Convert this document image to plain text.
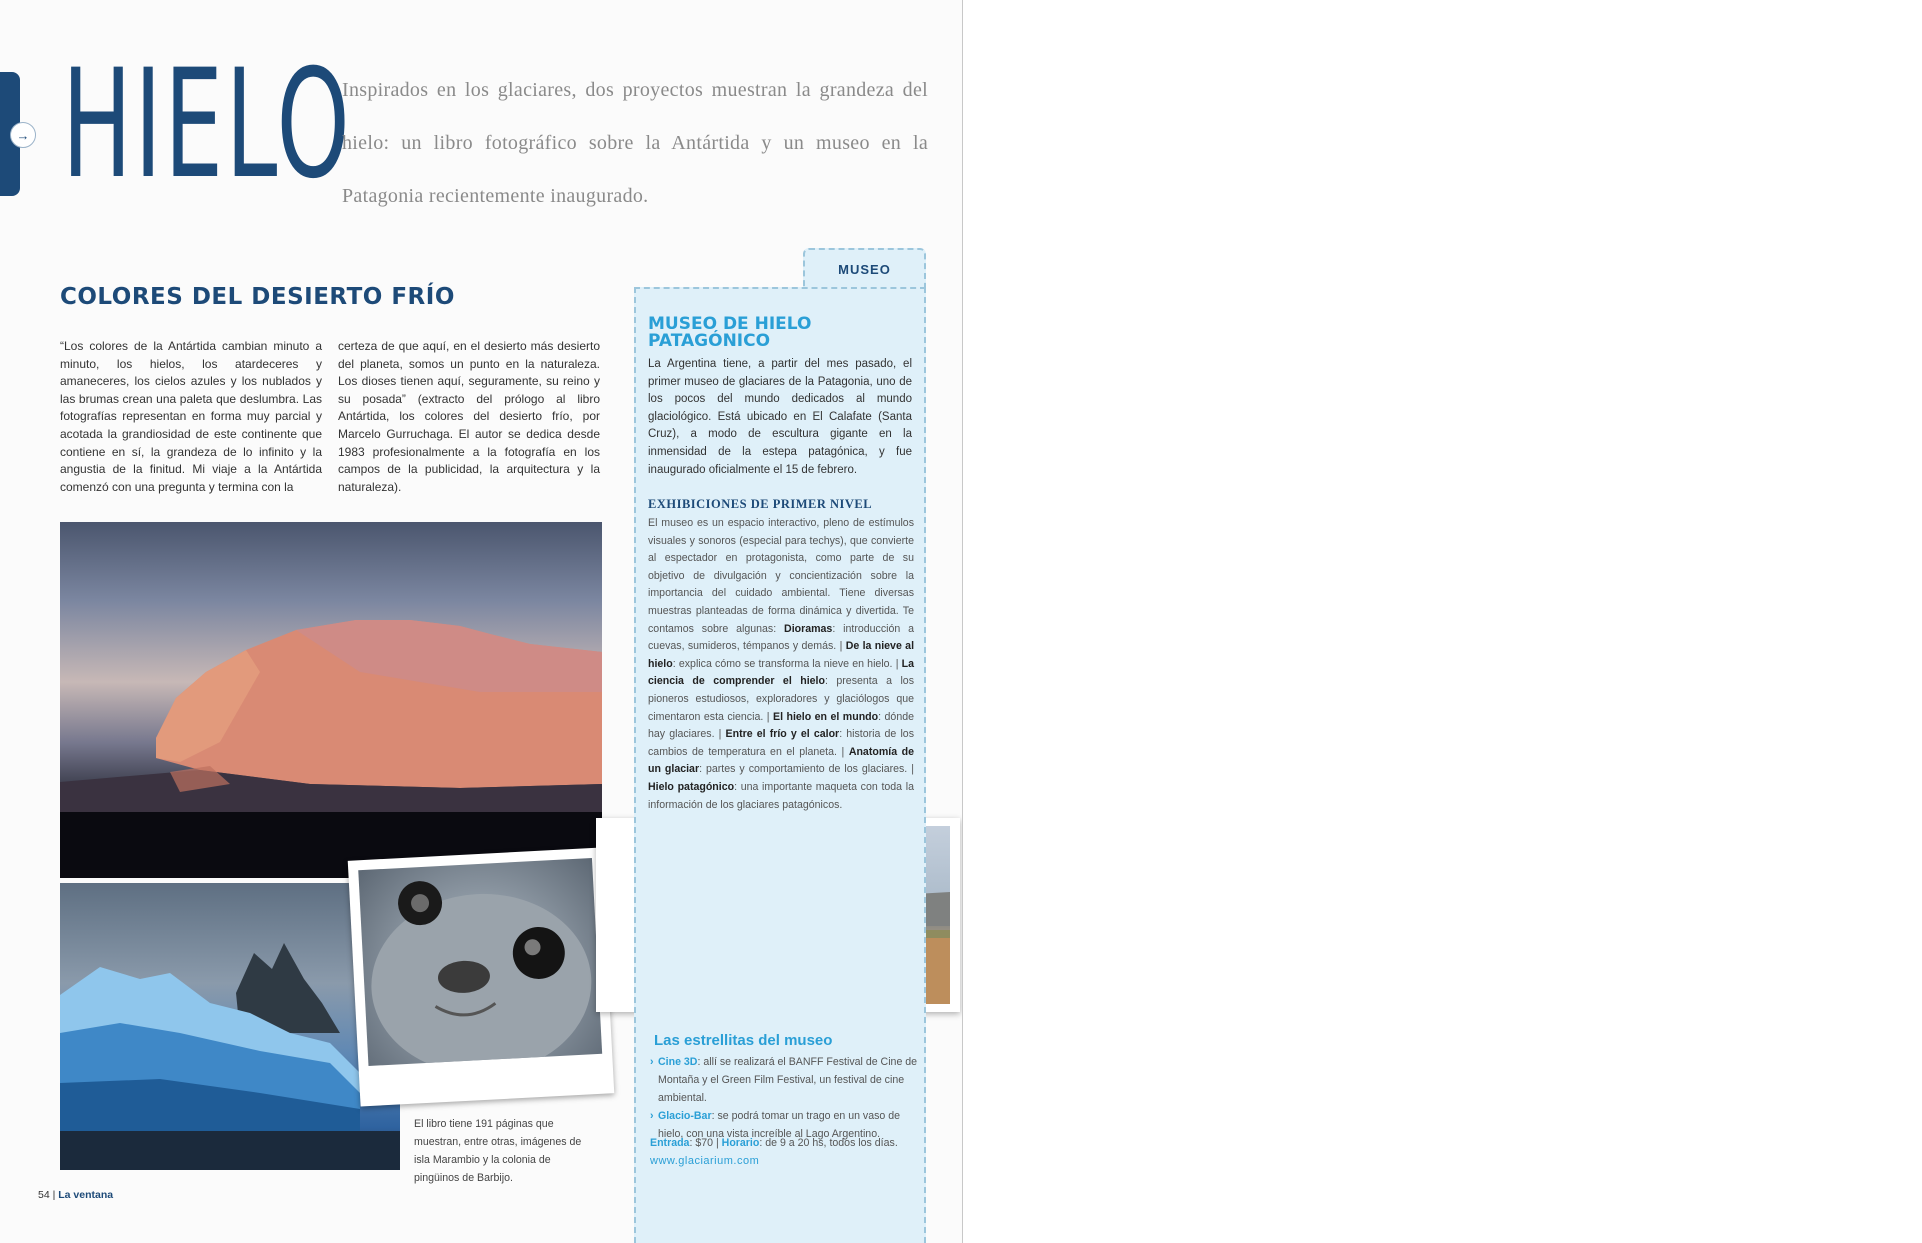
→ HIELO

Inspirados en los glaciares, dos proyectos muestran la grandeza del hielo: un libro fotográfico sobre la Antártida y un museo en la Patagonia recientemente inaugurado.

COLORES DEL DESIERTO FRÍO

“Los colores de la Antártida cambian minuto a minuto, los hielos, los atardeceres y amaneceres, los cielos azules y los nublados y las brumas crean una paleta que deslumbra. Las fotografías representan en forma muy parcial y acotada la grandiosidad de este continente que contiene en sí, la grandeza de lo infinito y la angustia de la finitud. Mi viaje a la Antártida comenzó con una pregunta y termina con la

certeza de que aquí, en el desierto más desierto del planeta, somos un punto en la naturaleza. Los dioses tienen aquí, seguramente, su reino y su posada” (extracto del prólogo al libro Antártida, los colores del desierto frío, por Marcelo Gurruchaga. El autor se dedica desde 1983 profesionalmente a la fotografía en los campos de la publicidad, la arquitectura y la naturaleza).

El libro tiene 191 páginas que muestran, entre otras, imágenes de isla Marambio y la colonia de pingüinos de Barbijo.

MUSEO
MUSEO DE HIELO PATAGÓNICO

La Argentina tiene, a partir del mes pasado, el primer museo de glaciares de la Patagonia, uno de los pocos del mundo dedicados al mundo glaciológico. Está ubicado en El Calafate (Santa Cruz), a modo de escultura gigante en la inmensidad de la estepa patagónica, y fue inaugurado oficialmente el 15 de febrero.

EXHIBICIONES DE PRIMER NIVEL

El museo es un espacio interactivo, pleno de estímulos visuales y sonoros (especial para techys), que convierte al espectador en protagonista, como parte de su objetivo de divulgación y concientización sobre la importancia del cuidado ambiental. Tiene diversas muestras planteadas de forma dinámica y divertida. Te contamos sobre algunas: Dioramas: introducción a cuevas, sumideros, témpanos y demás. | De la nieve al hielo: explica cómo se transforma la nieve en hielo. | La ciencia de comprender el hielo: presenta a los pioneros estudiosos, exploradores y glaciólogos que cimentaron esta ciencia. | El hielo en el mundo: dónde hay glaciares. | Entre el frío y el calor: historia de los cambios de temperatura en el planeta. | Anatomía de un glaciar: partes y comportamiento de los glaciares. | Hielo patagónico: una importante maqueta con toda la información de los glaciares patagónicos.

Las estrellitas del museo
› Cine 3D: allí se realizará el BANFF Festival de Cine de Montaña y el Green Film Festival, un festival de cine ambiental.
› Glacio-Bar: se podrá tomar un trago en un vaso de hielo, con una vista increíble al Lago Argentino.

Entrada: $70 | Horario: de 9 a 20 hs, todos los días.

www.glaciarium.com

54 | La ventana
